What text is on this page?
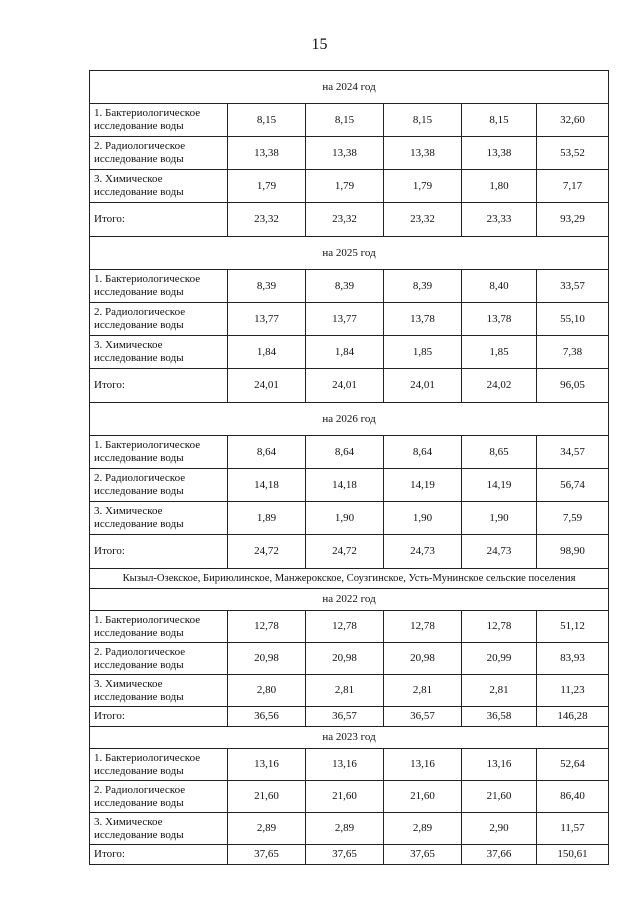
15
на 2024 год					
1. Бактериологическое исследование воды	8,15	8,15	8,15	8,15	32,60
2. Радиологическое исследование воды	13,38	13,38	13,38	13,38	53,52
3. Химическое исследование воды	1,79	1,79	1,79	1,80	7,17
Итого:	23,32	23,32	23,32	23,33	93,29
на 2025 год					
1. Бактериологическое исследование воды	8,39	8,39	8,39	8,40	33,57
2. Радиологическое исследование воды	13,77	13,77	13,78	13,78	55,10
3. Химическое исследование воды	1,84	1,84	1,85	1,85	7,38
Итого:	24,01	24,01	24,01	24,02	96,05
на 2026 год					
1. Бактериологическое исследование воды	8,64	8,64	8,64	8,65	34,57
2. Радиологическое исследование воды	14,18	14,18	14,19	14,19	56,74
3. Химическое исследование воды	1,89	1,90	1,90	1,90	7,59
Итого:	24,72	24,72	24,73	24,73	98,90
Кызыл-Озекское, Бириюлинское, Манжерокское, Соузгинское, Усть-Мунинское сельские поселения					
на 2022 год					
1. Бактериологическое исследование воды	12,78	12,78	12,78	12,78	51,12
2. Радиологическое исследование воды	20,98	20,98	20,98	20,99	83,93
3. Химическое исследование воды	2,80	2,81	2,81	2,81	11,23
Итого:	36,56	36,57	36,57	36,58	146,28
на 2023 год					
1. Бактериологическое исследование воды	13,16	13,16	13,16	13,16	52,64
2. Радиологическое исследование воды	21,60	21,60	21,60	21,60	86,40
3. Химическое исследование воды	2,89	2,89	2,89	2,90	11,57
Итого:	37,65	37,65	37,65	37,66	150,61
